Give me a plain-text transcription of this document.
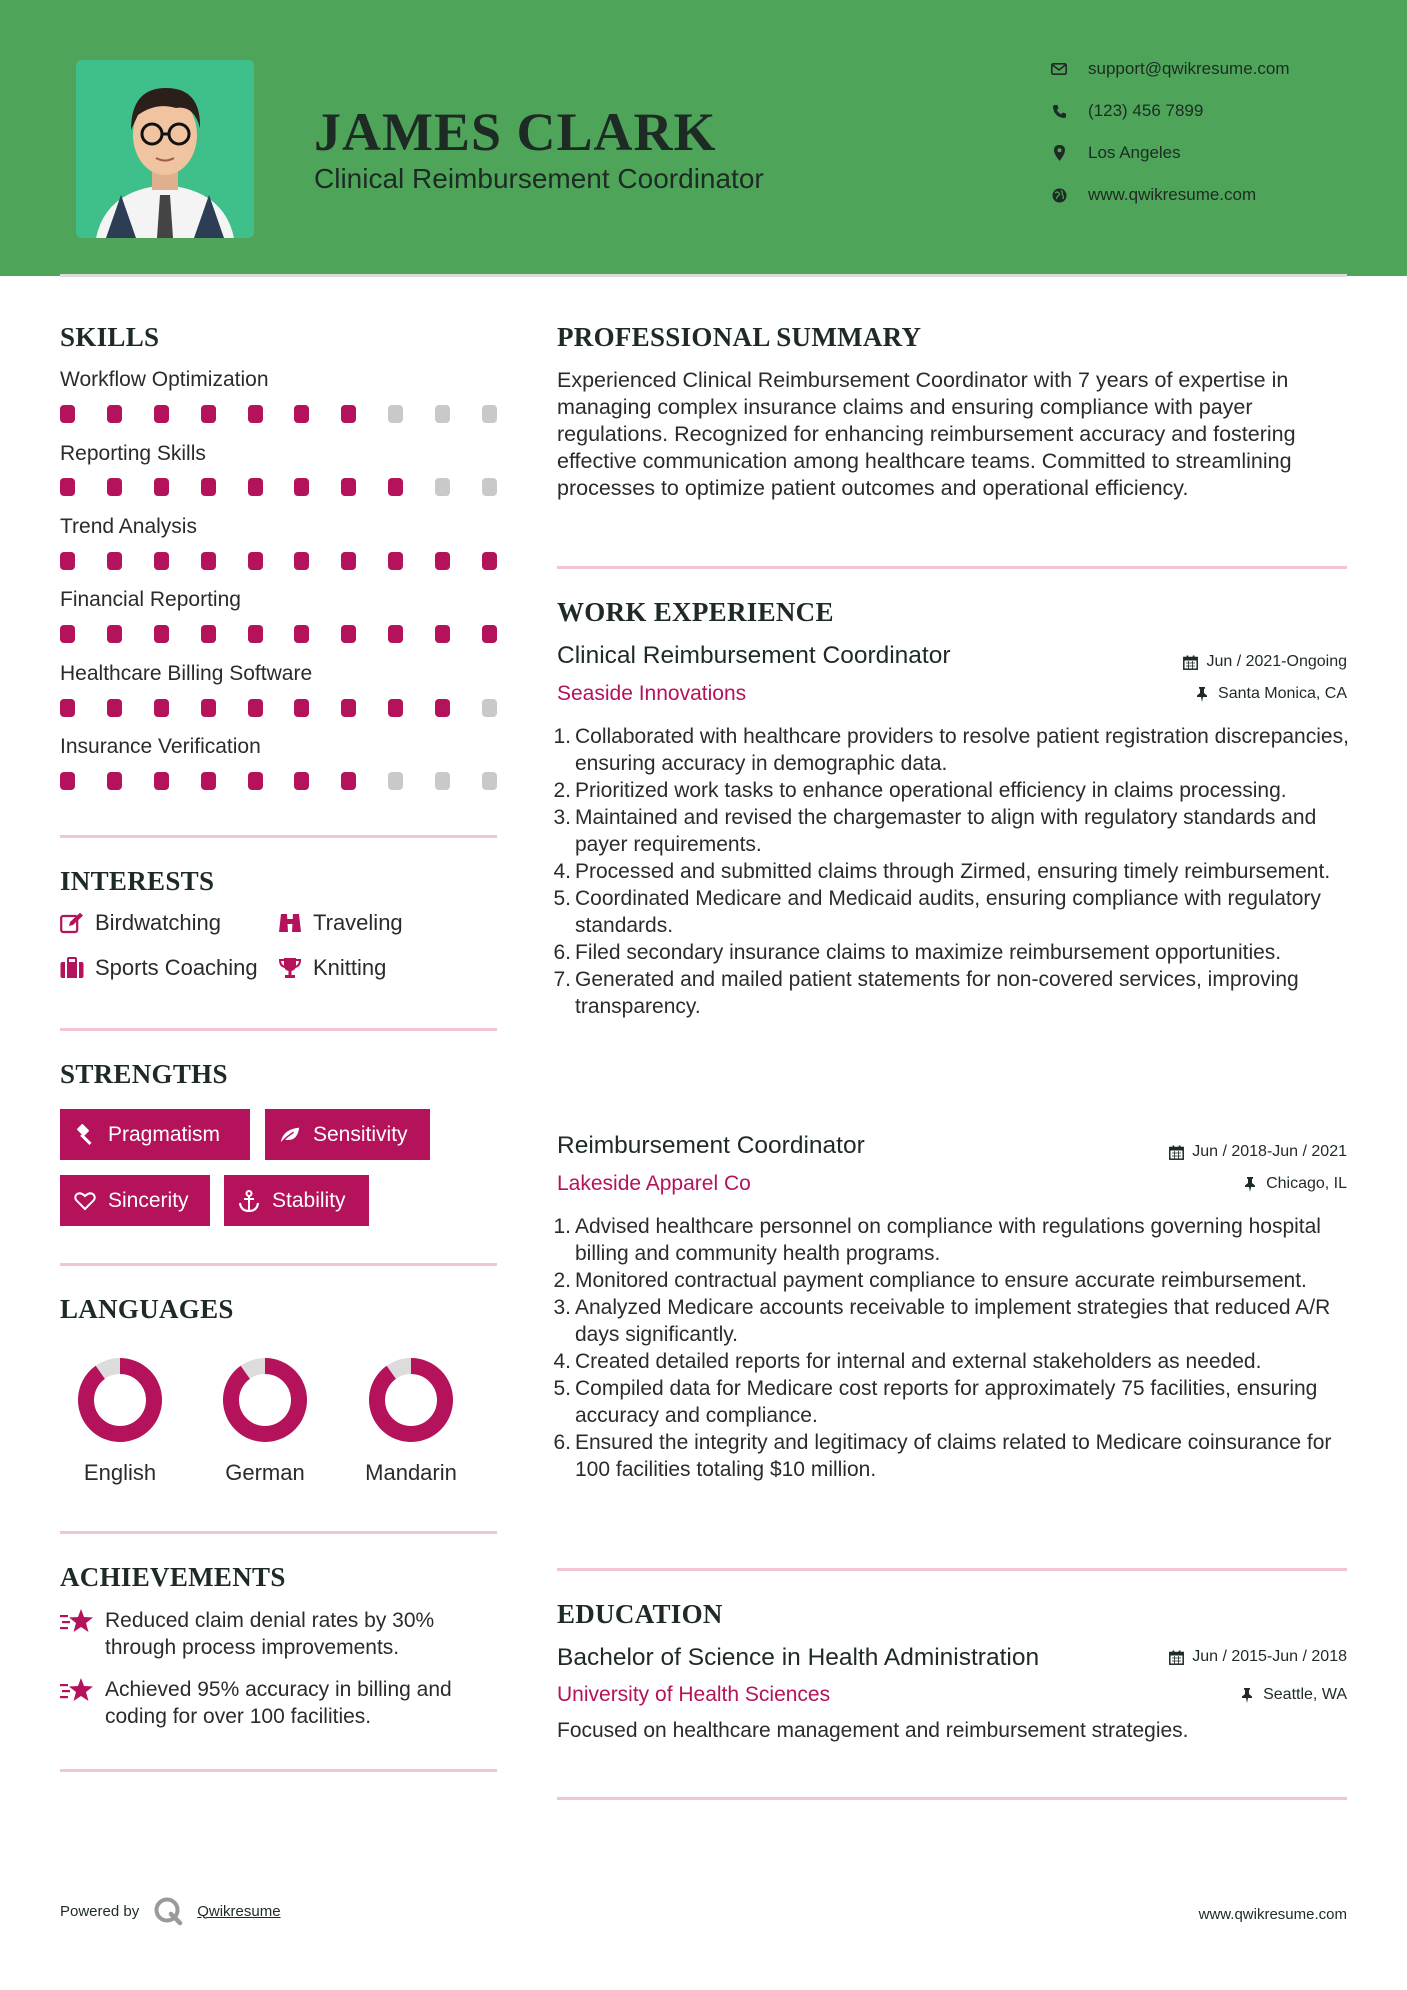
JAMES CLARK
Clinical Reimbursement Coordinator
support@qwikresume.com
(123) 456 7899
Los Angeles
www.qwikresume.com
SKILLS
Workflow Optimization
Reporting Skills
Trend Analysis
Financial Reporting
Healthcare Billing Software
Insurance Verification
INTERESTS
Birdwatching	Traveling
Sports Coaching	Knitting
STRENGTHS
Pragmatism	Sensitivity
Sincerity	Stability
LANGUAGES
English	German	Mandarin
ACHIEVEMENTS
Reduced claim denial rates by 30% through process improvements.
Achieved 95% accuracy in billing and coding for over 100 facilities.
PROFESSIONAL SUMMARY
Experienced Clinical Reimbursement Coordinator with 7 years of expertise in managing complex insurance claims and ensuring compliance with payer regulations. Recognized for enhancing reimbursement accuracy and fostering effective communication among healthcare teams. Committed to streamlining processes to optimize patient outcomes and operational efficiency.
WORK EXPERIENCE
Clinical Reimbursement Coordinator	Jun / 2021-Ongoing
Seaside Innovations	Santa Monica, CA
1. Collaborated with healthcare providers to resolve patient registration discrepancies, ensuring accuracy in demographic data.
2. Prioritized work tasks to enhance operational efficiency in claims processing.
3. Maintained and revised the chargemaster to align with regulatory standards and payer requirements.
4. Processed and submitted claims through Zirmed, ensuring timely reimbursement.
5. Coordinated Medicare and Medicaid audits, ensuring compliance with regulatory standards.
6. Filed secondary insurance claims to maximize reimbursement opportunities.
7. Generated and mailed patient statements for non-covered services, improving transparency.
Reimbursement Coordinator	Jun / 2018-Jun / 2021
Lakeside Apparel Co	Chicago, IL
1. Advised healthcare personnel on compliance with regulations governing hospital billing and community health programs.
2. Monitored contractual payment compliance to ensure accurate reimbursement.
3. Analyzed Medicare accounts receivable to implement strategies that reduced A/R days significantly.
4. Created detailed reports for internal and external stakeholders as needed.
5. Compiled data for Medicare cost reports for approximately 75 facilities, ensuring accuracy and compliance.
6. Ensured the integrity and legitimacy of claims related to Medicare coinsurance for 100 facilities totaling $10 million.
EDUCATION
Bachelor of Science in Health Administration	Jun / 2015-Jun / 2018
University of Health Sciences	Seattle, WA
Focused on healthcare management and reimbursement strategies.
Powered by	Qwikresume	www.qwikresume.com
